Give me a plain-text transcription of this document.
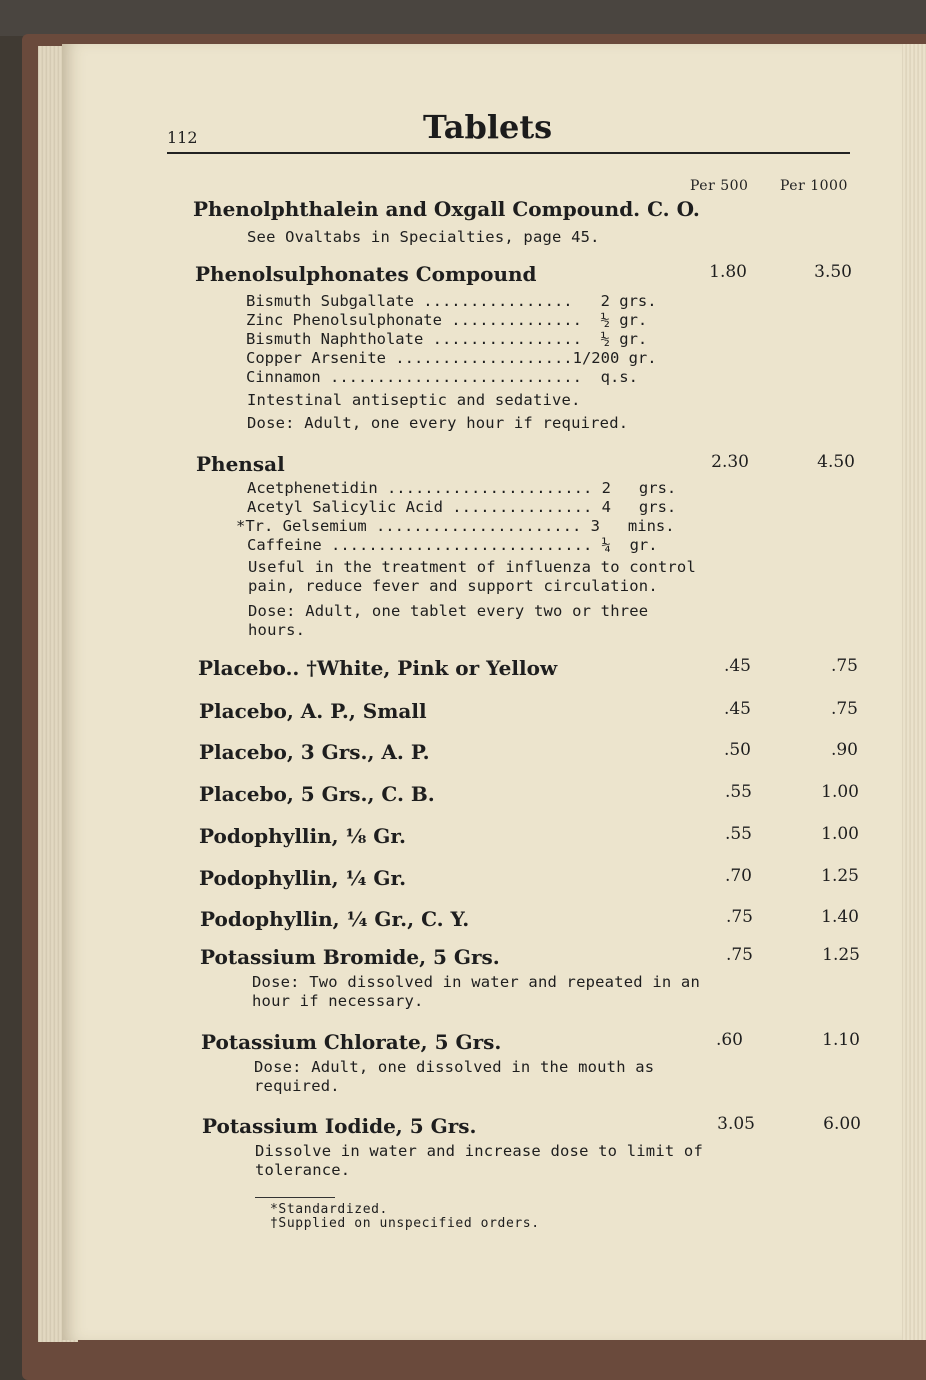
112	Tablets
Per 500 Per 1000
Phenolphthalein and Oxgall Compound. C. O.
See Ovaltabs in Specialties, page 45.
Phenolsulphonates Compound	1.80	3.50
Bismuth Subgallate ................   2 grs.
Zinc Phenolsulphonate ..............  ½ gr.
Bismuth Naphtholate ................  ½ gr.
Copper Arsenite ...................1/200 gr.
Cinnamon ...........................  q.s.
Intestinal antiseptic and sedative.
Dose: Adult, one every hour if required.
Phensal	2.30	4.50
Acetphenetidin ...................... 2   grs.
Acetyl Salicylic Acid ............... 4   grs.
*Tr. Gelsemium ...................... 3   mins.
Caffeine ............................ ¼  gr.
Useful in the treatment of influenza to control pain, reduce fever and support circulation.
Dose: Adult, one tablet every two or three hours.
Placebo.. †White, Pink or Yellow	.45	.75
Placebo, A. P., Small	.45	.75
Placebo, 3 Grs., A. P.	.50	.90
Placebo, 5 Grs., C. B.	.55	1.00
Podophyllin, ⅛ Gr.	.55	1.00
Podophyllin, ¼ Gr.	.70	1.25
Podophyllin, ¼ Gr., C. Y.	.75	1.40
Potassium Bromide, 5 Grs.	.75	1.25
Dose: Two dissolved in water and repeated in an hour if necessary.
Potassium Chlorate, 5 Grs.	.60	1.10
Dose: Adult, one dissolved in the mouth as required.
Potassium Iodide, 5 Grs.	3.05	6.00
Dissolve in water and increase dose to limit of tolerance.
*Standardized.
†Supplied on unspecified orders.
